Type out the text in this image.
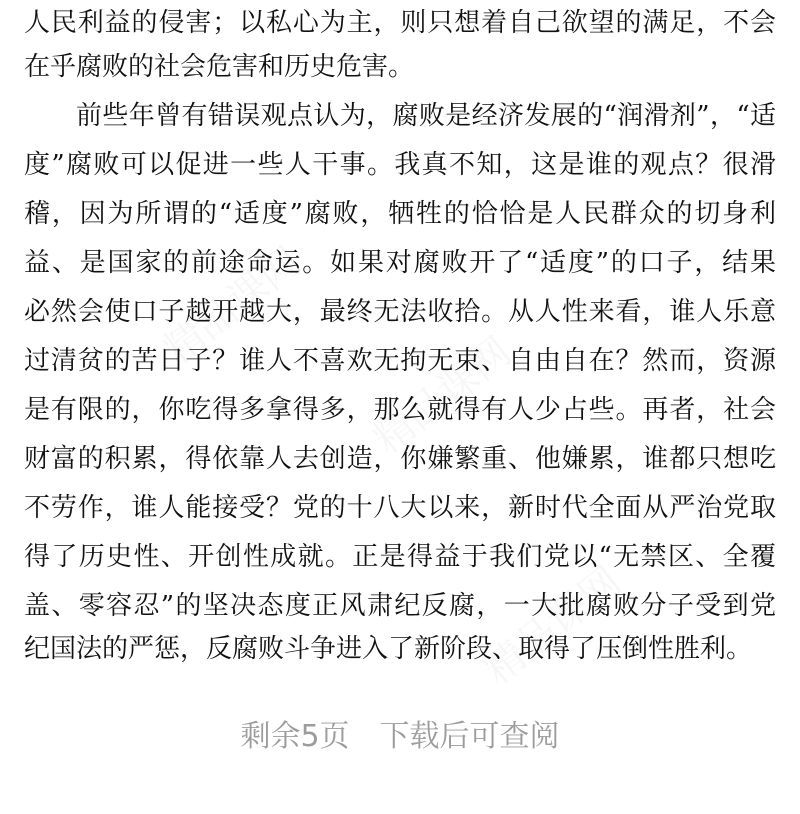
人民利益的侵害；以私心为主，则只想着自己欲望的满足，不会
在乎腐败的社会危害和历史危害。
前些年曾有错误观点认为，腐败是经济发展的“润滑剂”，“适
度”腐败可以促进一些人干事。我真不知，这是谁的观点？很滑
稽，因为所谓的“适度”腐败，牺牲的恰恰是人民群众的切身利
益、是国家的前途命运。如果对腐败开了“适度”的口子，结果
必然会使口子越开越大，最终无法收拾。从人性来看，谁人乐意
过清贫的苦日子？谁人不喜欢无拘无束、自由自在？然而，资源
是有限的，你吃得多拿得多，那么就得有人少占些。再者，社会
财富的积累，得依靠人去创造，你嫌繁重、他嫌累，谁都只想吃
不劳作，谁人能接受？党的十八大以来，新时代全面从严治党取
得了历史性、开创性成就。正是得益于我们党以“无禁区、全覆
盖、零容忍”的坚决态度正风肃纪反腐，一大批腐败分子受到党
纪国法的严惩，反腐败斗争进入了新阶段、取得了压倒性胜利。
剩余5页　下载后可查阅
